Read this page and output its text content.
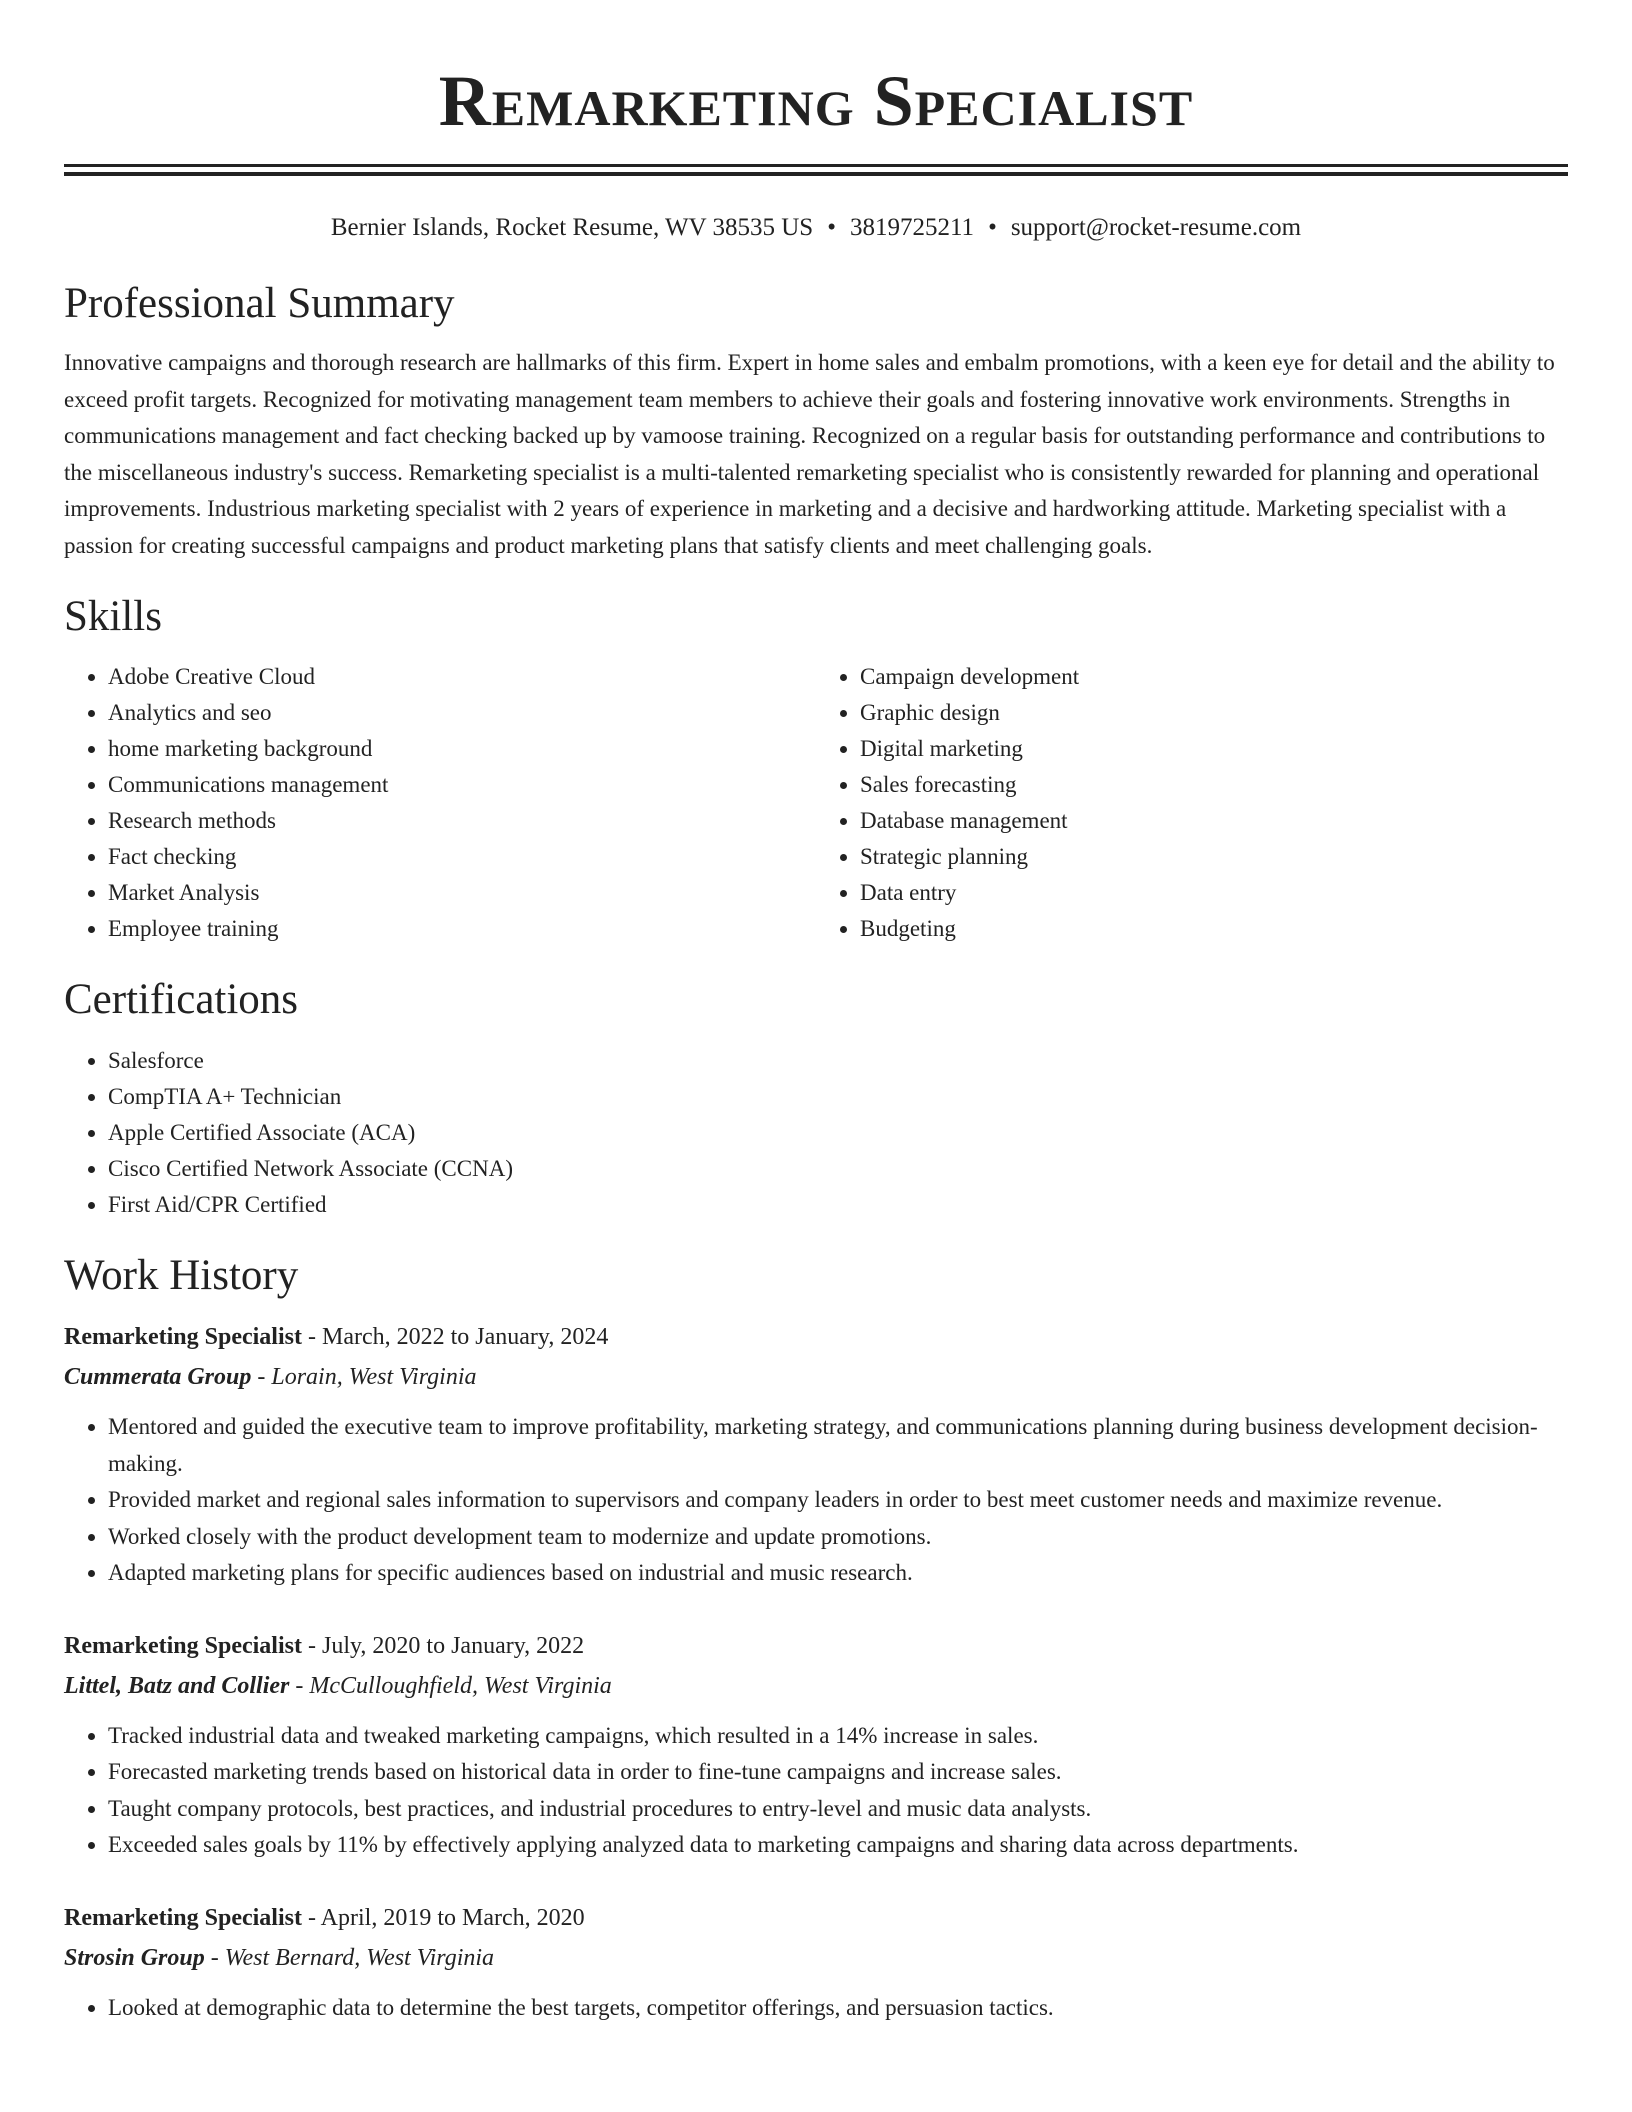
Remarketing Specialist
Bernier Islands, Rocket Resume, WV 38535 US • 3819725211 • support@rocket-resume.com
Professional Summary

Innovative campaigns and thorough research are hallmarks of this firm. Expert in home sales and embalm promotions, with a keen eye for detail and the ability to exceed profit targets. Recognized for motivating management team members to achieve their goals and fostering innovative work environments. Strengths in communications management and fact checking backed up by vamoose training. Recognized on a regular basis for outstanding performance and contributions to the miscellaneous industry's success. Remarketing specialist is a multi-talented remarketing specialist who is consistently rewarded for planning and operational improvements. Industrious marketing specialist with 2 years of experience in marketing and a decisive and hardworking attitude. Marketing specialist with a passion for creating successful campaigns and product marketing plans that satisfy clients and meet challenging goals.

Skills
• Adobe Creative Cloud
• Analytics and seo
• home marketing background
• Communications management
• Research methods
• Fact checking
• Market Analysis
• Employee training
• Campaign development
• Graphic design
• Digital marketing
• Sales forecasting
• Database management
• Strategic planning
• Data entry
• Budgeting
Certifications
• Salesforce
• CompTIA A+ Technician
• Apple Certified Associate (ACA)
• Cisco Certified Network Associate (CCNA)
• First Aid/CPR Certified
Work History
Remarketing Specialist - March, 2022 to January, 2024
Cummerata Group - Lorain, West Virginia
• Mentored and guided the executive team to improve profitability, marketing strategy, and communications planning during business development decision-making.
• Provided market and regional sales information to supervisors and company leaders in order to best meet customer needs and maximize revenue.
• Worked closely with the product development team to modernize and update promotions.
• Adapted marketing plans for specific audiences based on industrial and music research.
Remarketing Specialist - July, 2020 to January, 2022
Littel, Batz and Collier - McCulloughfield, West Virginia
• Tracked industrial data and tweaked marketing campaigns, which resulted in a 14% increase in sales.
• Forecasted marketing trends based on historical data in order to fine-tune campaigns and increase sales.
• Taught company protocols, best practices, and industrial procedures to entry-level and music data analysts.
• Exceeded sales goals by 11% by effectively applying analyzed data to marketing campaigns and sharing data across departments.
Remarketing Specialist - April, 2019 to March, 2020
Strosin Group - West Bernard, West Virginia
• Looked at demographic data to determine the best targets, competitor offerings, and persuasion tactics.
